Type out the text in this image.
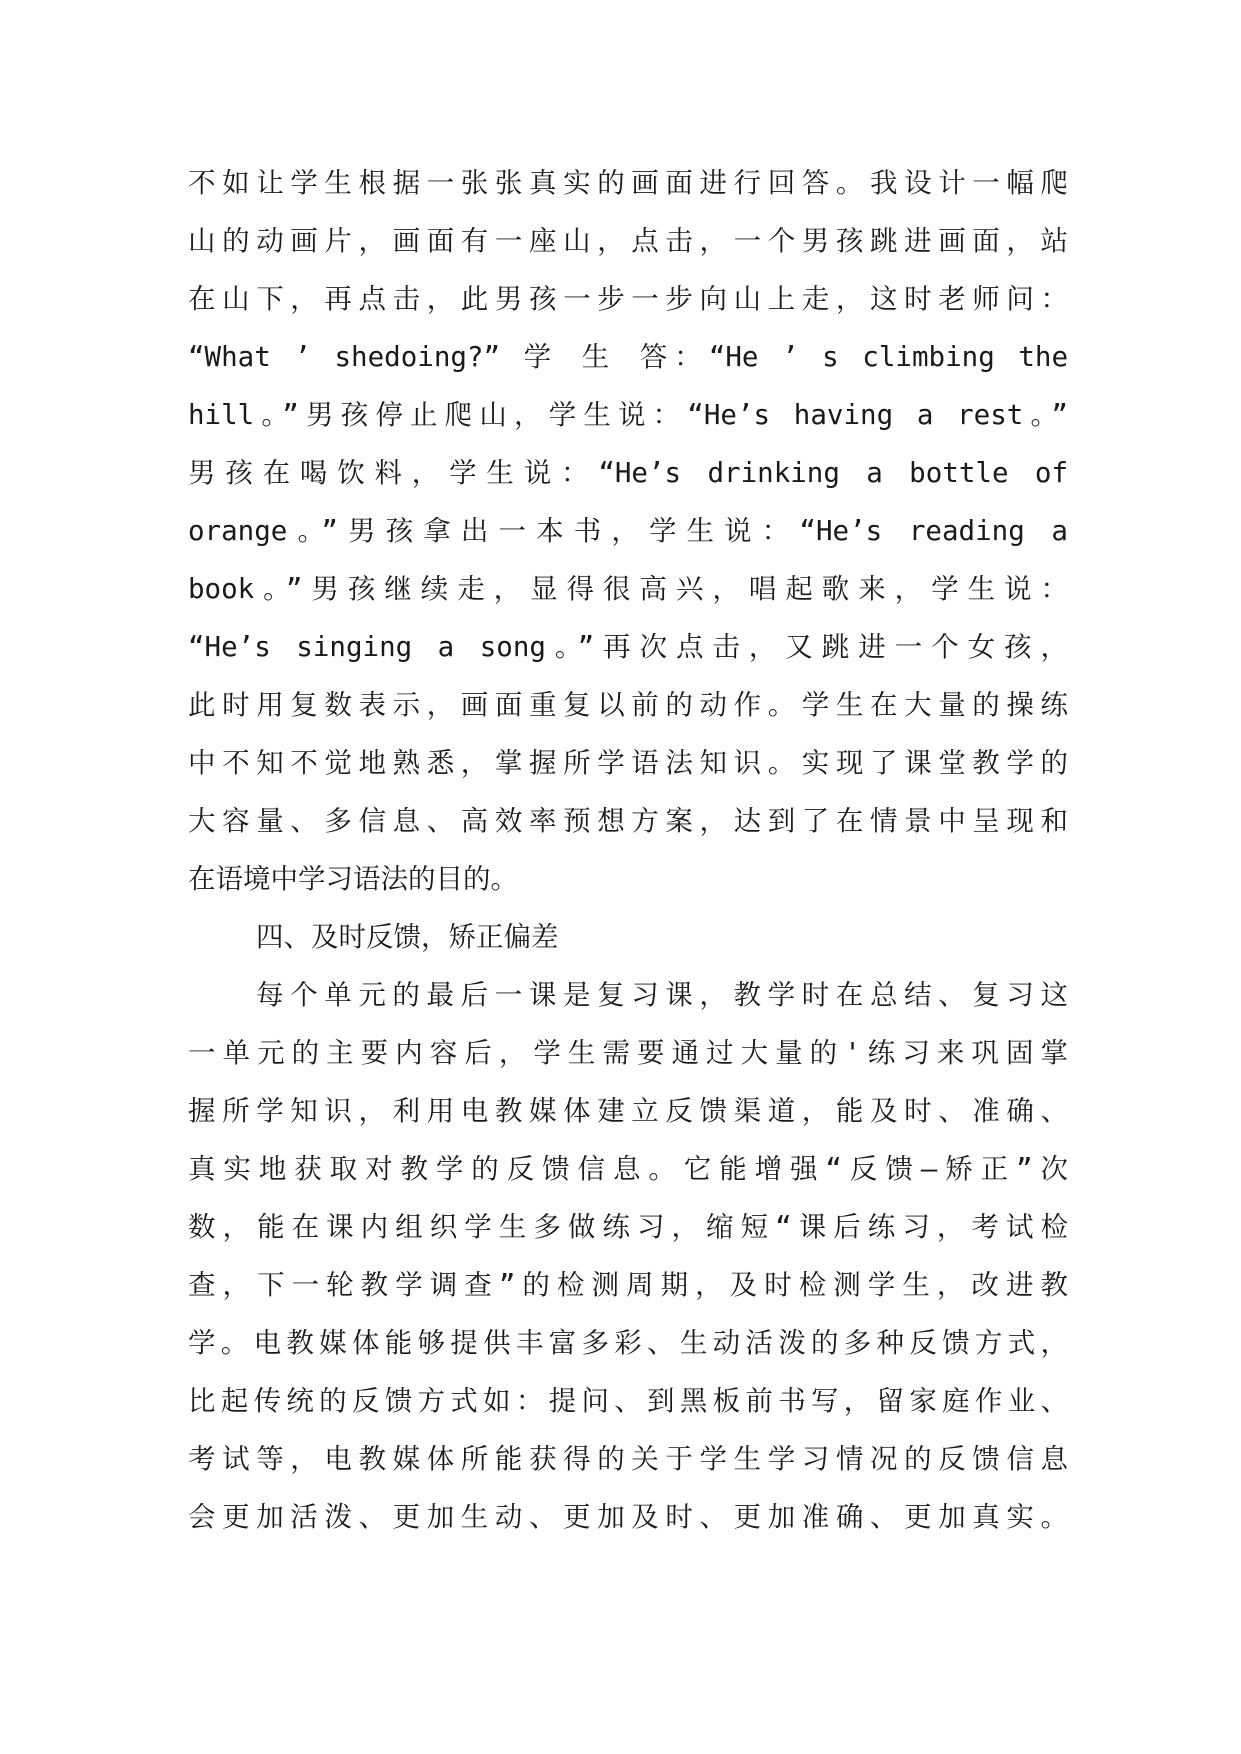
不如让学生根据一张张真实的画面进行回答。我设计一幅爬
山的动画片，画面有一座山，点击，一个男孩跳进画面，站
在山下，再点击，此男孩一步一步向山上走，这时老师问：
“What ’ shedoing?” 学 生 答：“He ’ s climbing the
hill。”男孩停止爬山，学生说：“He’s having a rest。”
男孩在喝饮料，学生说：“He’s drinking a bottle of
orange。”男孩拿出一本书，学生说：“He’s reading a
book。”男孩继续走，显得很高兴，唱起歌来，学生说：
“He’s singing a song。”再次点击，又跳进一个女孩，
此时用复数表示，画面重复以前的动作。学生在大量的操练
中不知不觉地熟悉，掌握所学语法知识。实现了课堂教学的
大容量、多信息、高效率预想方案，达到了在情景中呈现和
在语境中学习语法的目的。
四、及时反馈，矫正偏差
每个单元的最后一课是复习课，教学时在总结、复习这
一单元的主要内容后，学生需要通过大量的'练习来巩固掌
握所学知识，利用电教媒体建立反馈渠道，能及时、准确、
真实地获取对教学的反馈信息。它能增强“反馈—矫正”次
数，能在课内组织学生多做练习，缩短“课后练习，考试检
查，下一轮教学调查”的检测周期，及时检测学生，改进教
学。电教媒体能够提供丰富多彩、生动活泼的多种反馈方式，
比起传统的反馈方式如：提问、到黑板前书写，留家庭作业、
考试等，电教媒体所能获得的关于学生学习情况的反馈信息
会更加活泼、更加生动、更加及时、更加准确、更加真实。
